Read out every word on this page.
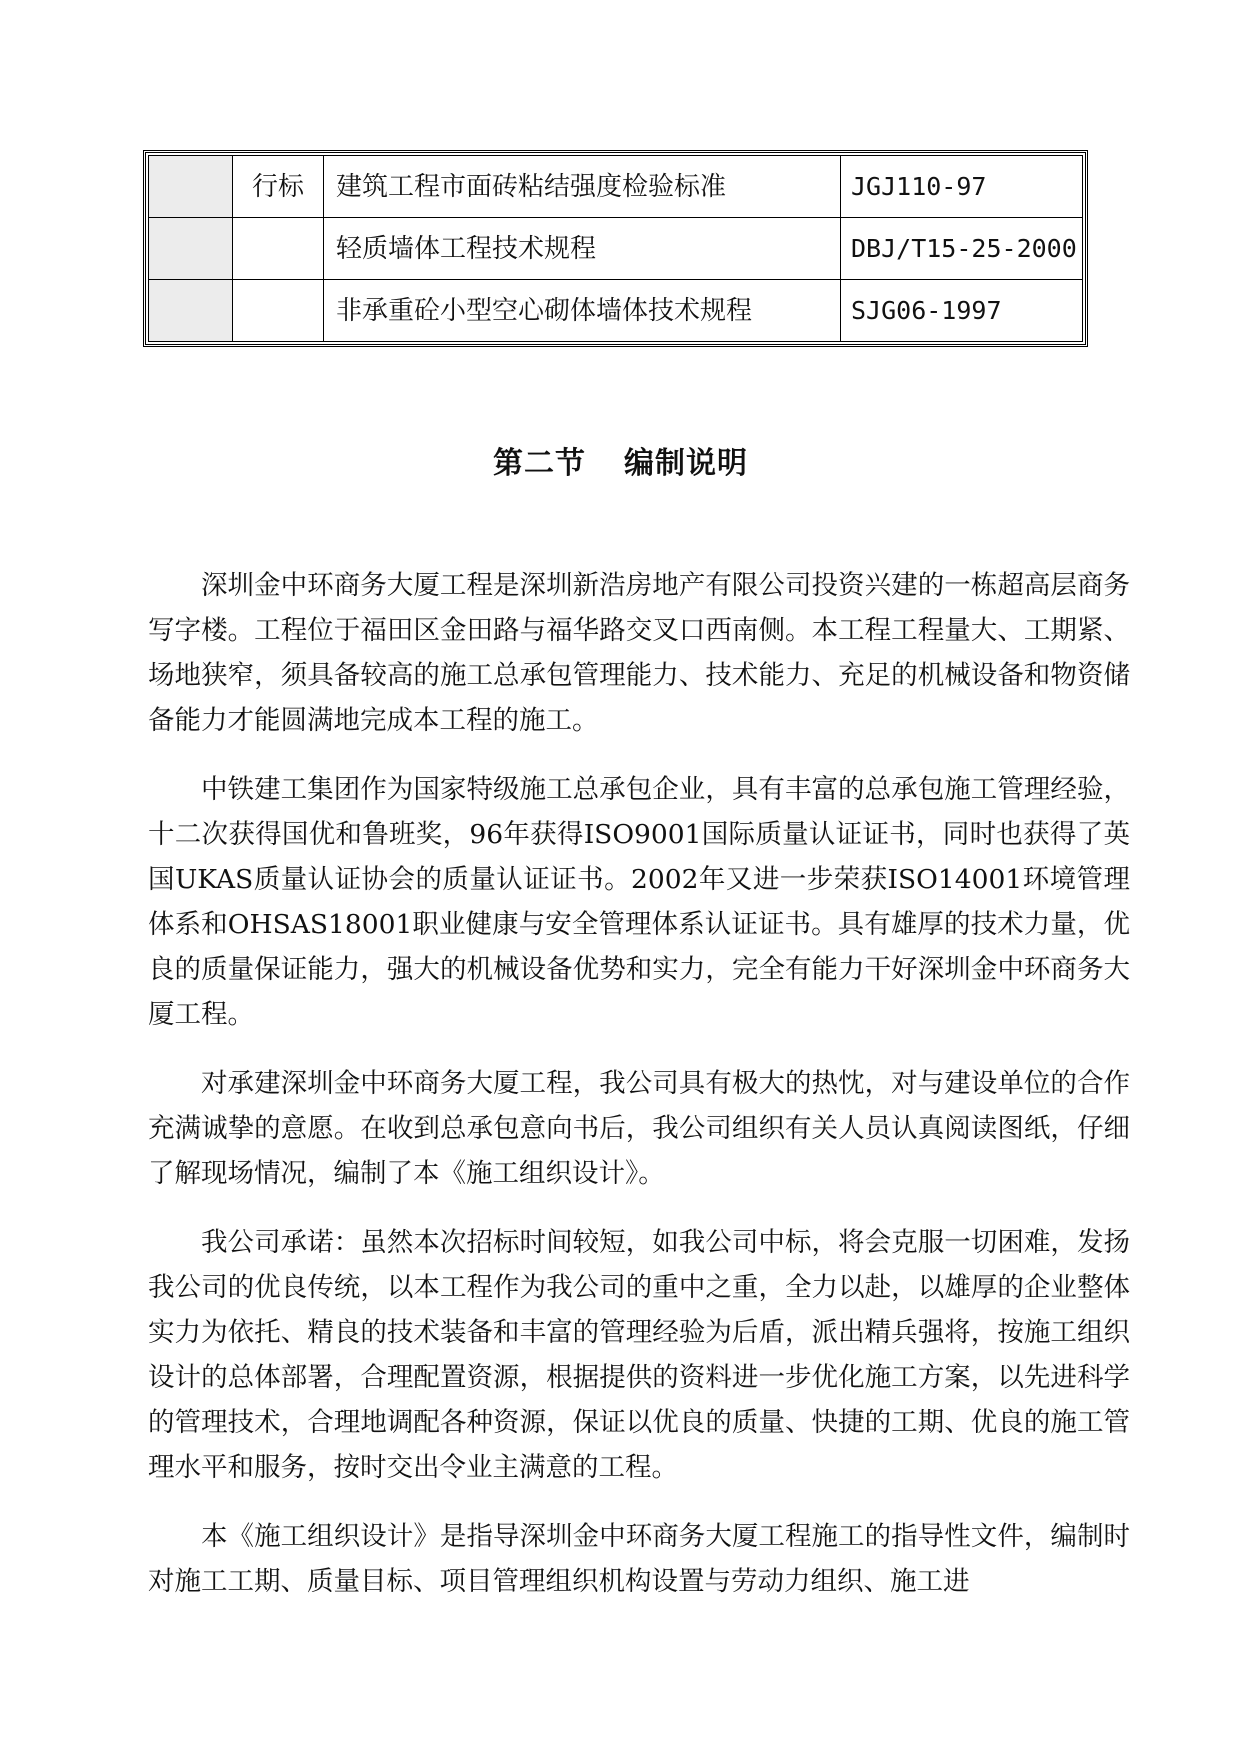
	行标	建筑工程市面砖粘结强度检验标准	JGJ110-97
		轻质墙体工程技术规程	DBJ/T15-25-2000
		非承重砼小型空心砌体墙体技术规程	SJG06-1997
第二节 编制说明

深圳金中环商务大厦工程是深圳新浩房地产有限公司投资兴建的一栋超高层商务写字楼。工程位于福田区金田路与福华路交叉口西南侧。本工程工程量大、工期紧、场地狭窄，须具备较高的施工总承包管理能力、技术能力、充足的机械设备和物资储备能力才能圆满地完成本工程的施工。

中铁建工集团作为国家特级施工总承包企业，具有丰富的总承包施工管理经验，十二次获得国优和鲁班奖，96年获得ISO9001国际质量认证证书，同时也获得了英国UKAS质量认证协会的质量认证证书。2002年又进一步荣获ISO14001环境管理体系和OHSAS18001职业健康与安全管理体系认证证书。具有雄厚的技术力量，优良的质量保证能力，强大的机械设备优势和实力，完全有能力干好深圳金中环商务大厦工程。

对承建深圳金中环商务大厦工程，我公司具有极大的热忱，对与建设单位的合作充满诚挚的意愿。在收到总承包意向书后，我公司组织有关人员认真阅读图纸，仔细了解现场情况，编制了本《施工组织设计》。

我公司承诺：虽然本次招标时间较短，如我公司中标，将会克服一切困难，发扬我公司的优良传统，以本工程作为我公司的重中之重，全力以赴，以雄厚的企业整体实力为依托、精良的技术装备和丰富的管理经验为后盾，派出精兵强将，按施工组织设计的总体部署，合理配置资源，根据提供的资料进一步优化施工方案，以先进科学的管理技术，合理地调配各种资源，保证以优良的质量、快捷的工期、优良的施工管理水平和服务，按时交出令业主满意的工程。

本《施工组织设计》是指导深圳金中环商务大厦工程施工的指导性文件，编制时对施工工期、质量目标、项目管理组织机构设置与劳动力组织、施工进
